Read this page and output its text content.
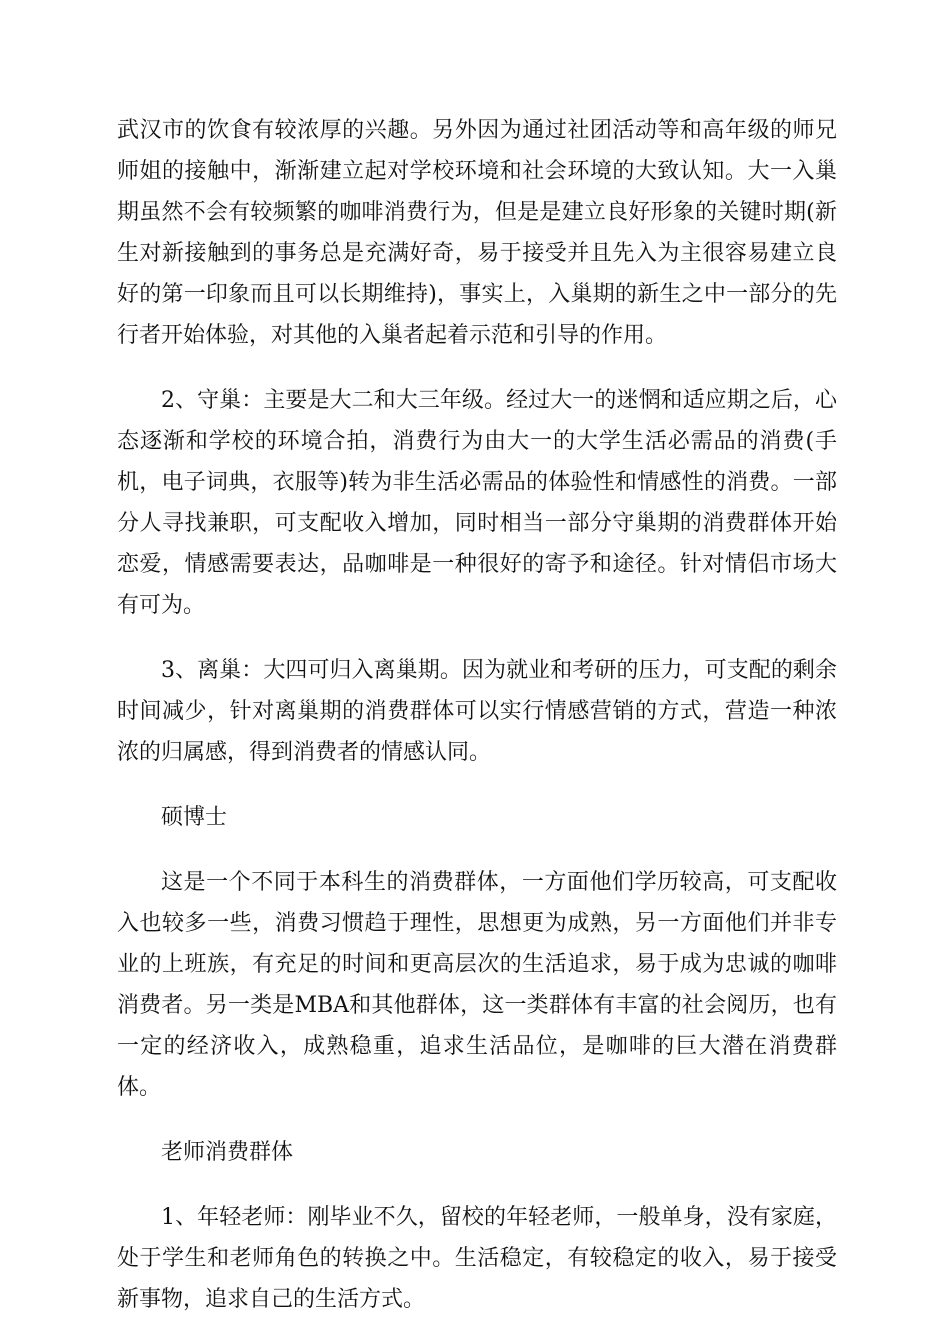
武汉市的饮食有较浓厚的兴趣。另外因为通过社团活动等和高年级的师兄师姐的接触中，渐渐建立起对学校环境和社会环境的大致认知。大一入巢期虽然不会有较频繁的咖啡消费行为，但是是建立良好形象的关键时期(新生对新接触到的事务总是充满好奇，易于接受并且先入为主很容易建立良好的第一印象而且可以长期维持)，事实上，入巢期的新生之中一部分的先行者开始体验，对其他的入巢者起着示范和引导的作用。

2、守巢：主要是大二和大三年级。经过大一的迷惘和适应期之后，心态逐渐和学校的环境合拍，消费行为由大一的大学生活必需品的消费(手机，电子词典，衣服等)转为非生活必需品的体验性和情感性的消费。一部分人寻找兼职，可支配收入增加，同时相当一部分守巢期的消费群体开始恋爱，情感需要表达，品咖啡是一种很好的寄予和途径。针对情侣市场大有可为。

3、离巢：大四可归入离巢期。因为就业和考研的压力，可支配的剩余时间减少，针对离巢期的消费群体可以实行情感营销的方式，营造一种浓浓的归属感，得到消费者的情感认同。

硕博士

这是一个不同于本科生的消费群体，一方面他们学历较高，可支配收入也较多一些，消费习惯趋于理性，思想更为成熟，另一方面他们并非专业的上班族，有充足的时间和更高层次的生活追求，易于成为忠诚的咖啡消费者。另一类是MBA和其他群体，这一类群体有丰富的社会阅历，也有一定的经济收入，成熟稳重，追求生活品位，是咖啡的巨大潜在消费群体。

老师消费群体

1、年轻老师：刚毕业不久，留校的年轻老师，一般单身，没有家庭，处于学生和老师角色的转换之中。生活稳定，有较稳定的收入，易于接受新事物，追求自己的生活方式。
